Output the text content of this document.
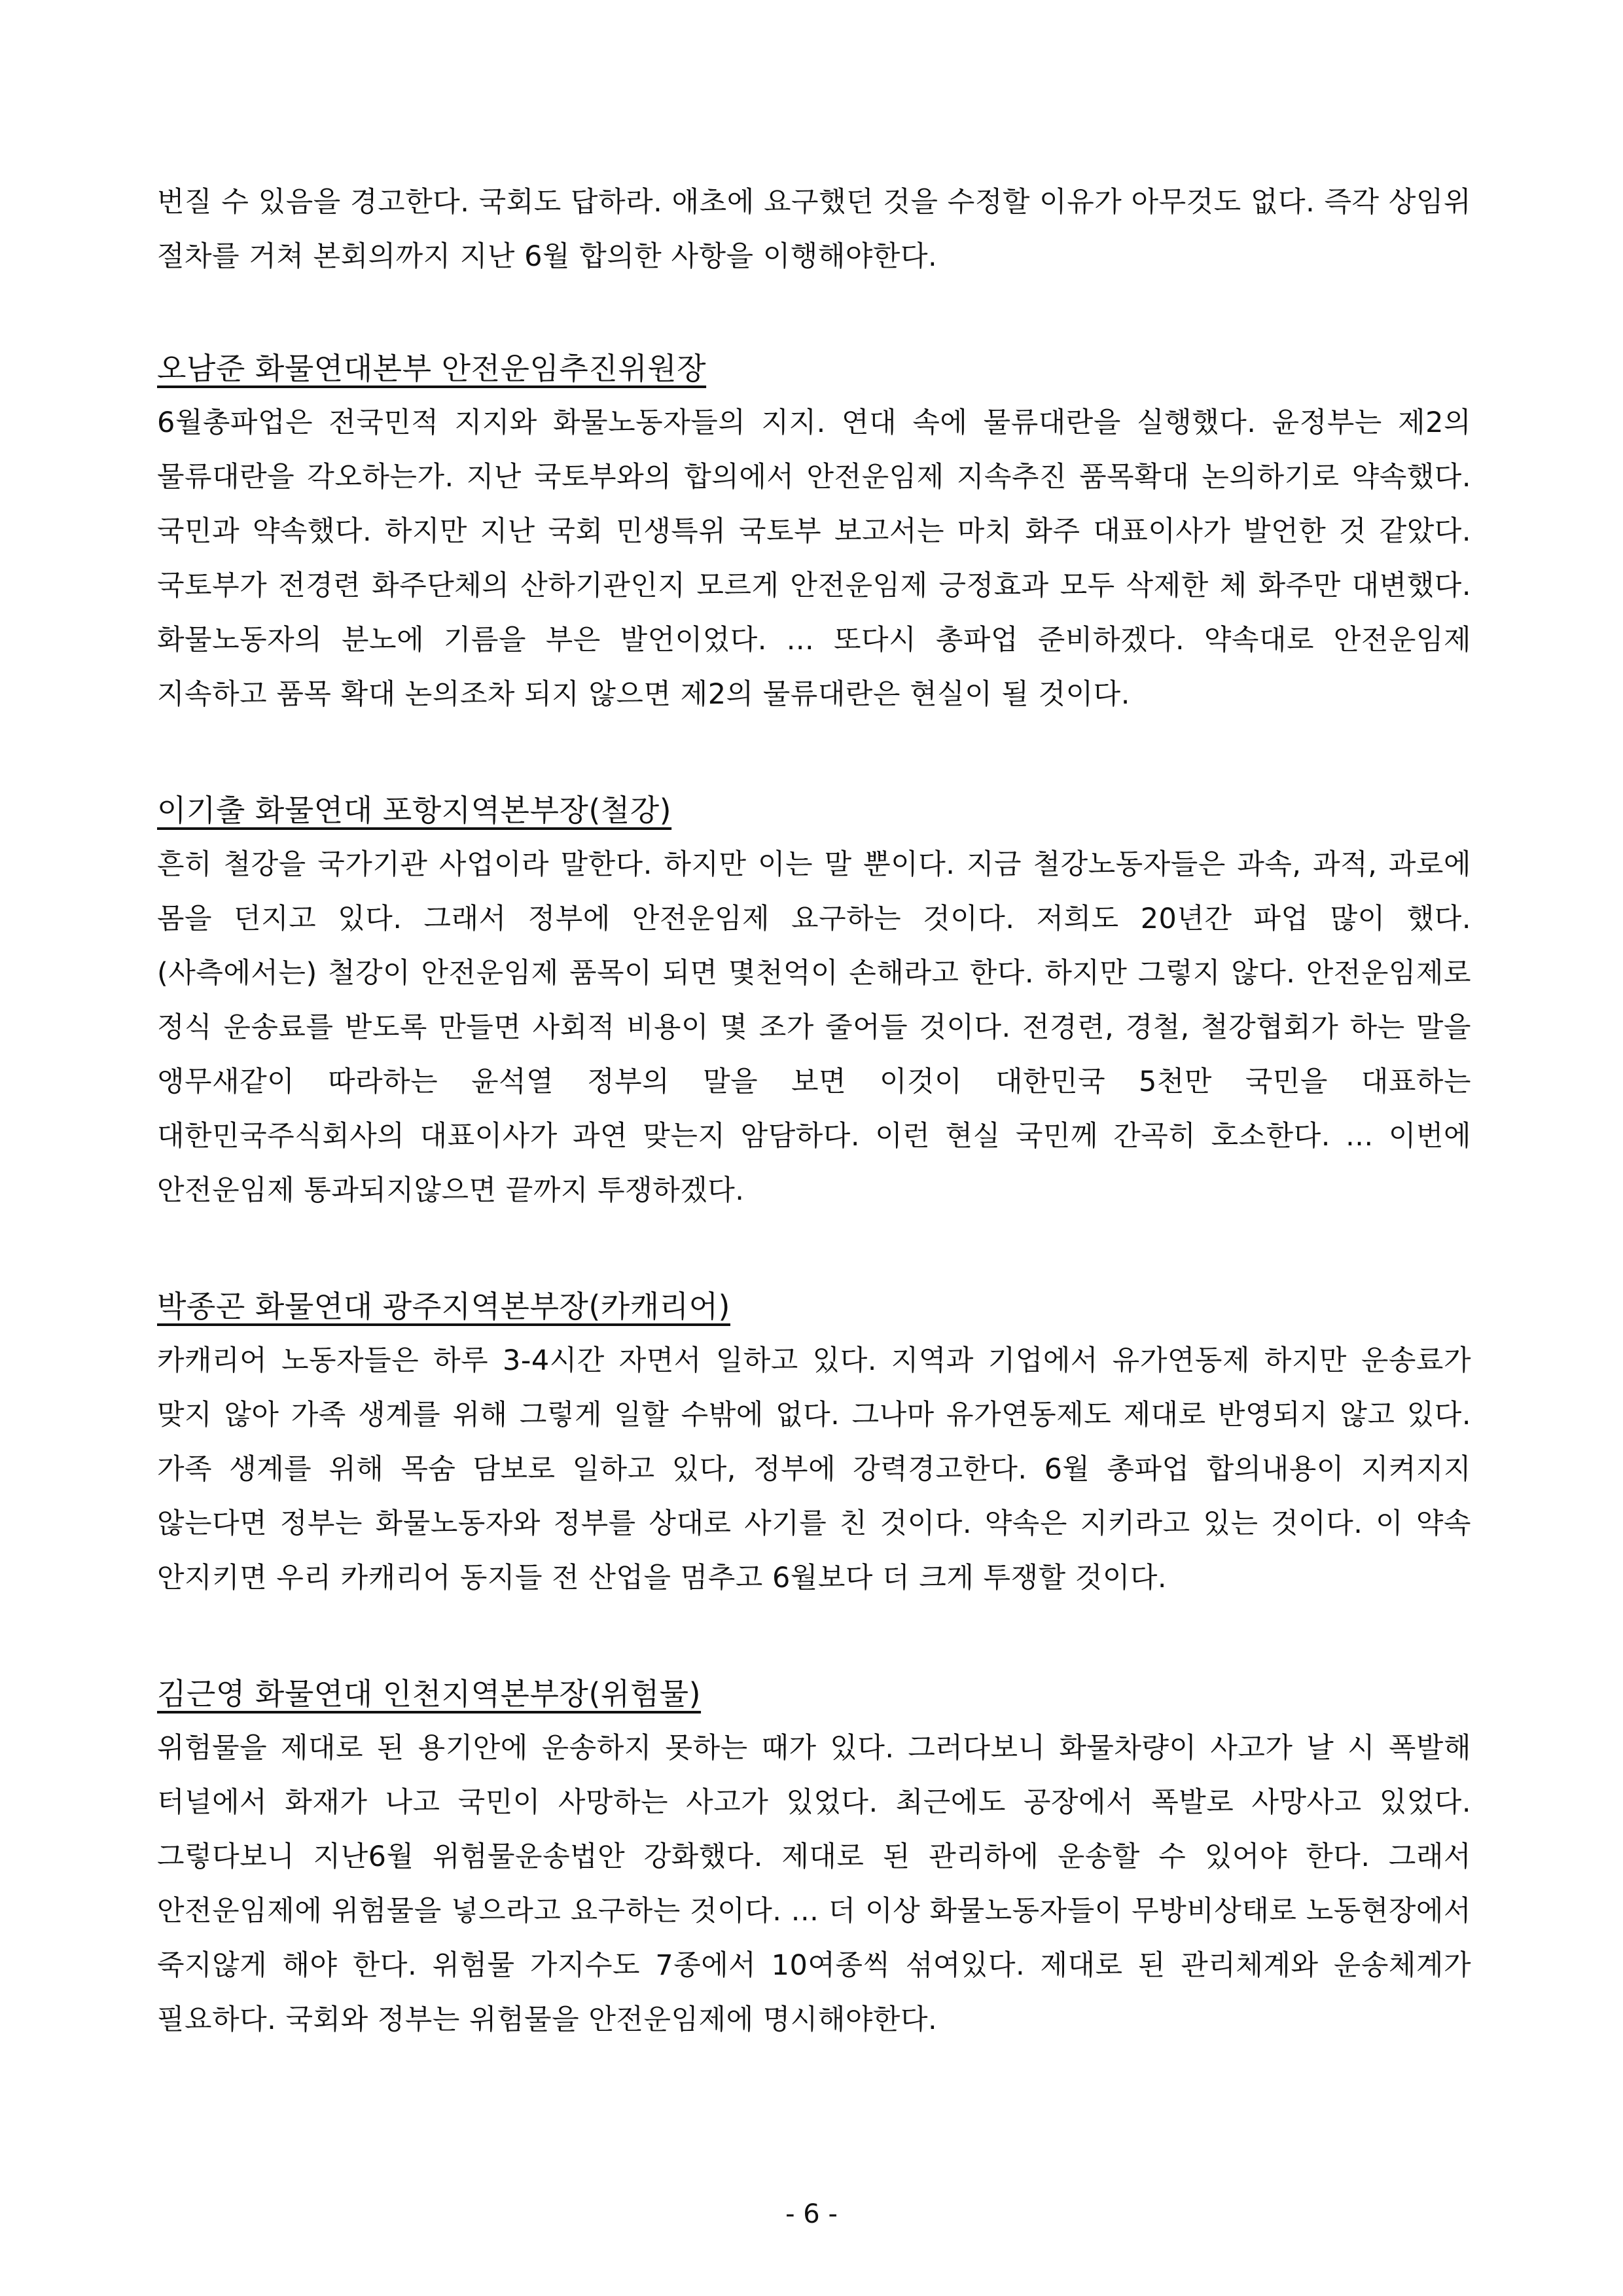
번질 수 있음을 경고한다. 국회도 답하라. 애초에 요구했던 것을 수정할 이유가 아무것도 없다. 즉각 상임위 절차를 거쳐 본회의까지 지난 6월 합의한 사항을 이행해야한다.

오남준 화물연대본부 안전운임추진위원장

6월총파업은 전국민적 지지와 화물노동자들의 지지. 연대 속에 물류대란을 실행했다. 윤정부는 제2의 물류대란을 각오하는가. 지난 국토부와의 합의에서 안전운임제 지속추진 품목확대 논의하기로 약속했다. 국민과 약속했다. 하지만 지난 국회 민생특위 국토부 보고서는 마치 화주 대표이사가 발언한 것 같았다. 국토부가 전경련 화주단체의 산하기관인지 모르게 안전운임제 긍정효과 모두 삭제한 체 화주만 대변했다. 화물노동자의 분노에 기름을 부은 발언이었다. ... 또다시 총파업 준비하겠다. 약속대로 안전운임제 지속하고 품목 확대 논의조차 되지 않으면 제2의 물류대란은 현실이 될 것이다.

이기출 화물연대 포항지역본부장(철강)

흔히 철강을 국가기관 사업이라 말한다. 하지만 이는 말 뿐이다. 지금 철강노동자들은 과속, 과적, 과로에 몸을 던지고 있다. 그래서 정부에 안전운임제 요구하는 것이다. 저희도 20년간 파업 많이 했다. (사측에서는) 철강이 안전운임제 품목이 되면 몇천억이 손해라고 한다. 하지만 그렇지 않다. 안전운임제로 정식 운송료를 받도록 만들면 사회적 비용이 몇 조가 줄어들 것이다. 전경련, 경철, 철강협회가 하는 말을 앵무새같이 따라하는 윤석열 정부의 말을 보면 이것이 대한민국 5천만 국민을 대표하는 대한민국주식회사의 대표이사가 과연 맞는지 암담하다. 이런 현실 국민께 간곡히 호소한다. ... 이번에 안전운임제 통과되지않으면 끝까지 투쟁하겠다.

박종곤 화물연대 광주지역본부장(카캐리어)

카캐리어 노동자들은 하루 3-4시간 자면서 일하고 있다. 지역과 기업에서 유가연동제 하지만 운송료가 맞지 않아 가족 생계를 위해 그렇게 일할 수밖에 없다. 그나마 유가연동제도 제대로 반영되지 않고 있다. 가족 생계를 위해 목숨 담보로 일하고 있다, 정부에 강력경고한다. 6월 총파업 합의내용이 지켜지지 않는다면 정부는 화물노동자와 정부를 상대로 사기를 친 것이다. 약속은 지키라고 있는 것이다. 이 약속 안지키면 우리 카캐리어 동지들 전 산업을 멈추고 6월보다 더 크게 투쟁할 것이다.

김근영 화물연대 인천지역본부장(위험물)

위험물을 제대로 된 용기안에 운송하지 못하는 때가 있다. 그러다보니 화물차량이 사고가 날 시 폭발해 터널에서 화재가 나고 국민이 사망하는 사고가 있었다. 최근에도 공장에서 폭발로 사망사고 있었다. 그렇다보니 지난6월 위험물운송법안 강화했다. 제대로 된 관리하에 운송할 수 있어야 한다. 그래서 안전운임제에 위험물을 넣으라고 요구하는 것이다. ... 더 이상 화물노동자들이 무방비상태로 노동현장에서 죽지않게 해야 한다. 위험물 가지수도 7종에서 10여종씩 섞여있다. 제대로 된 관리체계와 운송체계가 필요하다. 국회와 정부는 위험물을 안전운임제에 명시해야한다.

- 6 -
